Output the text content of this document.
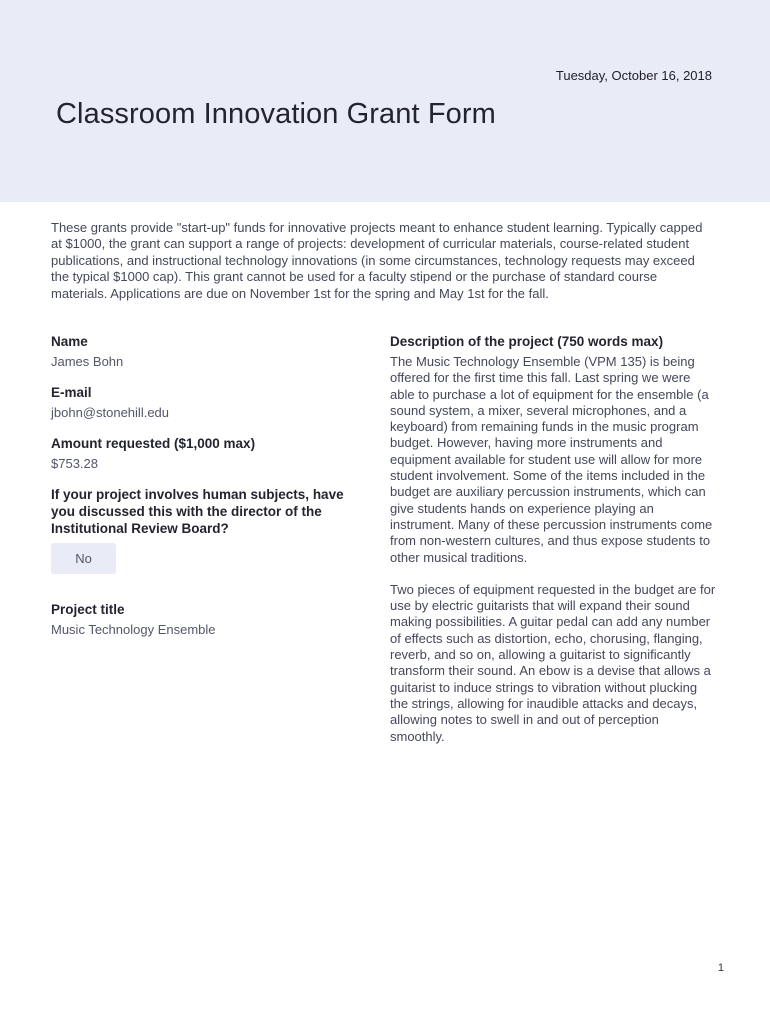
Tuesday, October 16, 2018
Classroom Innovation Grant Form
These grants provide "start-up" funds for innovative projects meant to enhance student learning. Typically capped at $1000, the grant can support a range of projects: development of curricular materials, course-related student publications, and instructional technology innovations (in some circumstances, technology requests may exceed the typical $1000 cap). This grant cannot be used for a faculty stipend or the purchase of standard course materials. Applications are due on November 1st for the spring and May 1st for the fall.
Name
James Bohn
E-mail
jbohn@stonehill.edu
Amount requested ($1,000 max)
$753.28
If your project involves human subjects, have you discussed this with the director of the Institutional Review Board?
No
Project title
Music Technology Ensemble
Description of the project (750 words max)

The Music Technology Ensemble (VPM 135) is being offered for the first time this fall. Last spring we were able to purchase a lot of equipment for the ensemble (a sound system, a mixer, several microphones, and a keyboard) from remaining funds in the music program budget. However, having more instruments and equipment available for student use will allow for more student involvement. Some of the items included in the budget are auxiliary percussion instruments, which can give students hands on experience playing an instrument. Many of these percussion instruments come from non-western cultures, and thus expose students to other musical traditions.

Two pieces of equipment requested in the budget are for use by electric guitarists that will expand their sound making possibilities. A guitar pedal can add any number of effects such as distortion, echo, chorusing, flanging, reverb, and so on, allowing a guitarist to significantly transform their sound. An ebow is a devise that allows a guitarist to induce strings to vibration without plucking the strings, allowing for inaudible attacks and decays, allowing notes to swell in and out of perception smoothly.

1
